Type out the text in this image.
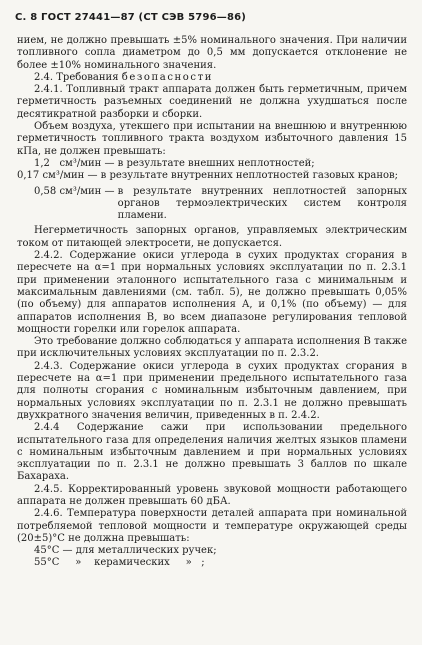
С. 8 ГОСТ 27441—87 (СТ СЭВ 5796—86)

нием, не должно превышать ±5% номинального значения. При наличии топливного сопла диаметром до 0,5 мм допускается отклонение не более ±10% номинального значения.

2.4. Требования безопасности

2.4.1. Топливный тракт аппарата должен быть герметичным, причем герметичность разъемных соединений не должна ухудшаться после десятикратной разборки и сборки.

Объем воздуха, утекшего при испытании на внешнюю и внутреннюю герметичность топливного тракта воздухом избыточного давления 15 кПа, не должен превышать:

1,2   см³/мин — в результате внешних неплотностей;
0,17 см³/мин — в результате внутренних неплотностей газовых кранов;
0,58 см³/мин — в результате внутренних неплотностей запорных органов термоэлектрических систем контроля пламени.

Негерметичность запорных органов, управляемых электрическим током от питающей электросети, не допускается.

2.4.2. Содержание окиси углерода в сухих продуктах сгорания в пересчете на α=1 при нормальных условиях эксплуатации по п. 2.3.1 при применении эталонного испытательного газа с минимальным и максимальным давлениями (см. табл. 5), не должно превышать 0,05% (по объему) для аппаратов исполнения А, и 0,1% (по объему) — для аппаратов исполнения В, во всем диапазоне регулирования тепловой мощности горелки или горелок аппарата.

Это требование должно соблюдаться у аппарата исполнения В также при исключительных условиях эксплуатации по п. 2.3.2.

2.4.3. Содержание окиси углерода в сухих продуктах сгорания в пересчете на α=1 при применении предельного испытательного газа для полноты сгорания с номинальным избыточным давлением, при нормальных условиях эксплуатации по п. 2.3.1 не должно превышать двухкратного значения величин, приведенных в п. 2.4.2.

2.4.4 Содержание сажи при использовании предельного испытательного газа для определения наличия желтых языков пламени с номинальным избыточным давлением и при нормальных условиях эксплуатации по п. 2.3.1 не должно превышать 3 баллов по шкале Бахараха.

2.4.5. Корректированный уровень звуковой мощности работающего аппарата не должен превышать 60 дБА.

2.4.6. Температура поверхности деталей аппарата при номинальной потребляемой тепловой мощности и температуре окружающей среды (20±5)°С не должна превышать:

45°С — для металлических ручек;

55°С     »    керамических     »   ;
